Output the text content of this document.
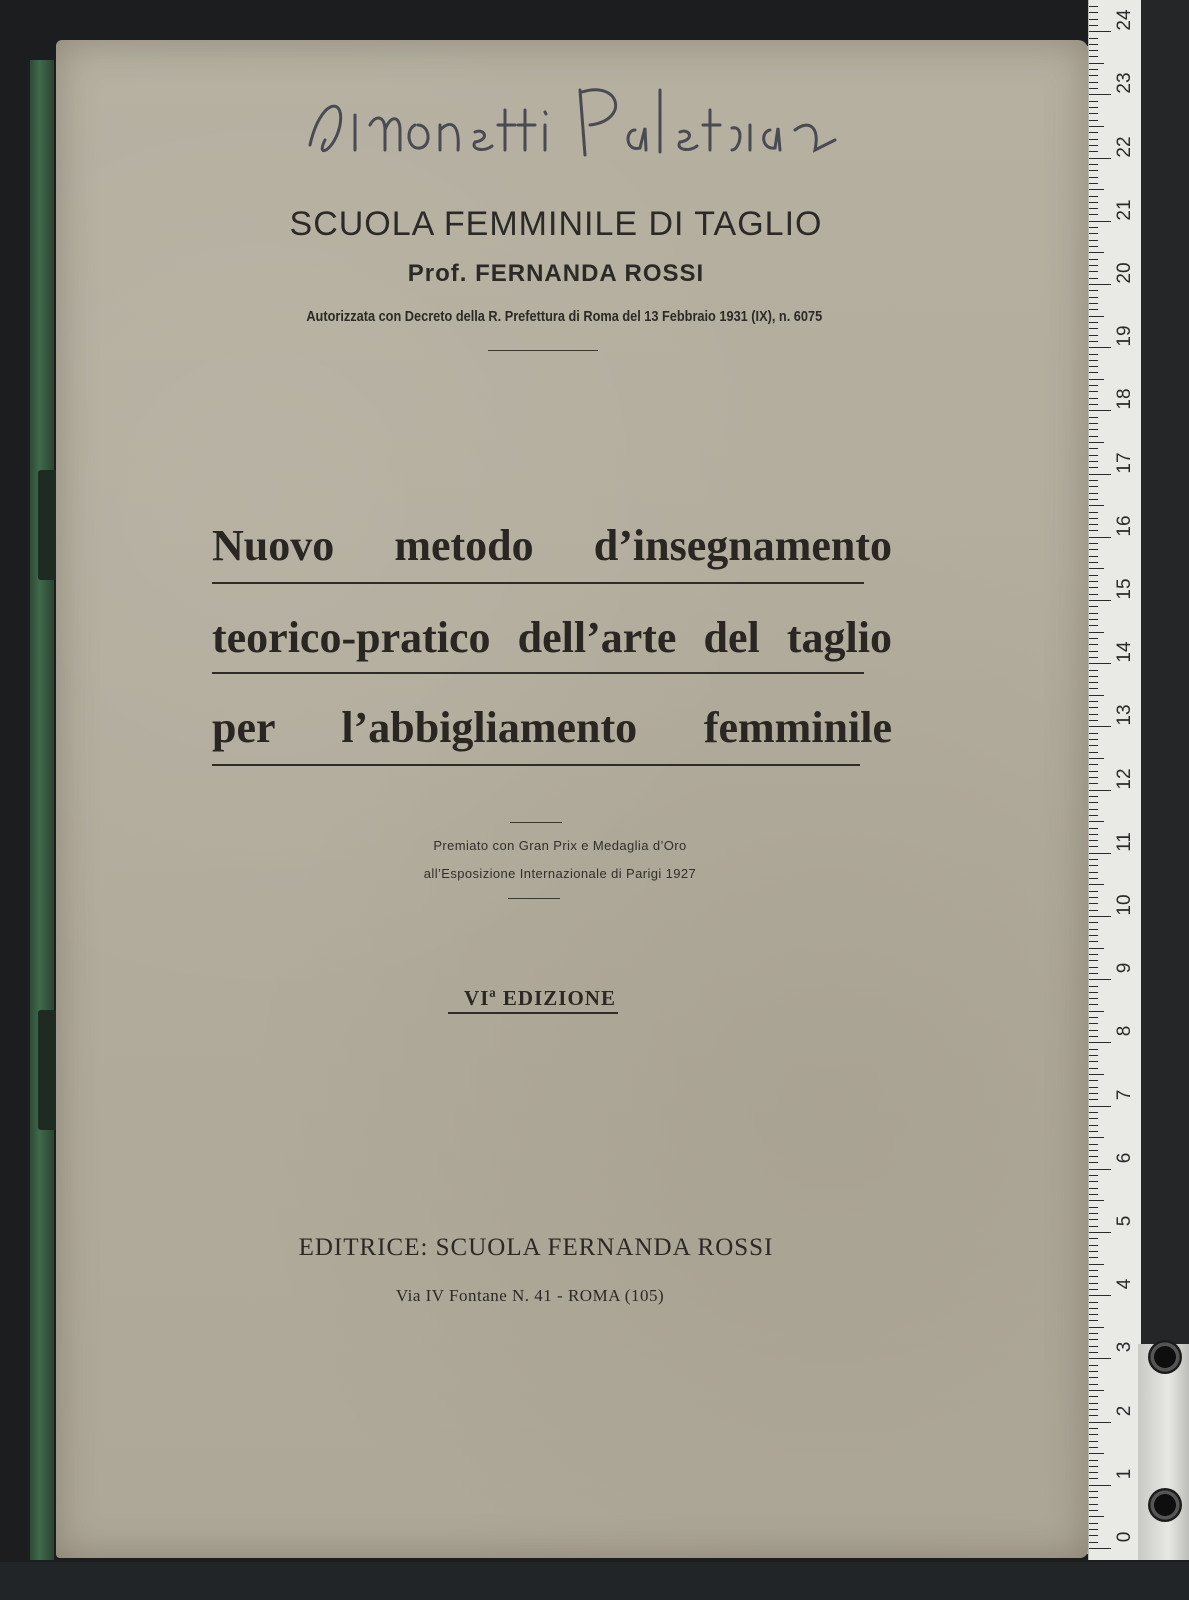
SCUOLA FEMMINILE DI TAGLIO
Prof. FERNANDA ROSSI

Autorizzata con Decreto della R. Prefettura di Roma del 13 Febbraio 1931 (IX), n. 6075

Nuovo metodo d’insegnamento

teorico-pratico dell’arte del taglio

per l’abbigliamento femminile

Premiato con Gran Prix e Medaglia d’Oro

all’Esposizione Internazionale di Parigi 1927

VIª EDIZIONE

EDITRICE: SCUOLA FERNANDA ROSSI

Via IV Fontane N. 41 - ROMA (105)

0
1
2
3
4
5
6
7
8
9
10
11
12
13
14
15
16
17
18
19
20
21
22
23
24
